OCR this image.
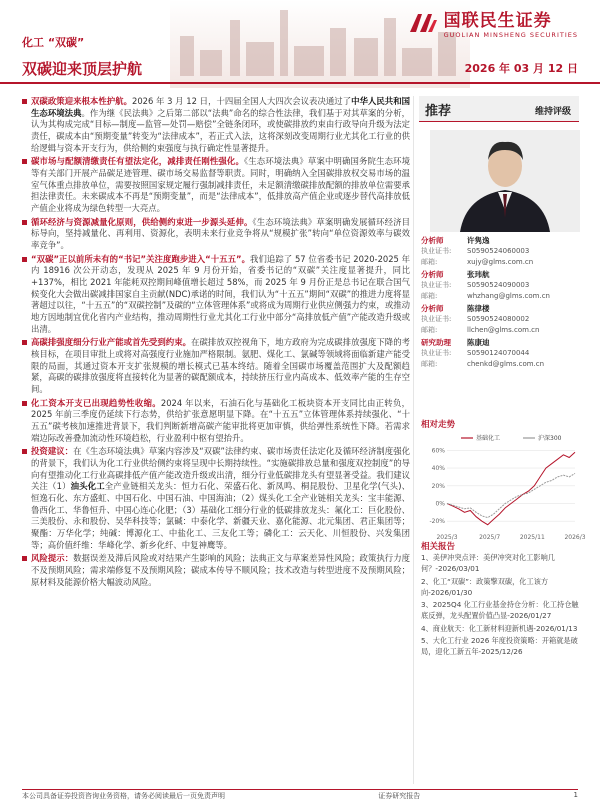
国联民生证券
GUOLIAN MINSHENG SECURITIES
化工 “双碳”
双碳迎来顶层护航	2026 年 03 月 12 日
双碳政策迎来根本性护航。2026 年 3 月 12 日，十四届全国人大四次会议表决通过了中华人民共和国生态环境法典。作为继《民法典》之后第二部以“法典”命名的综合性法律，我们基于对其草案的分析，认为其构成完成“目标—制度—监管—处罚—赔偿”全链条闭环，或使碳排放约束由行政导向升级为法定责任，碳成本由“预期变量”转变为“法律成本”，若正式入法，这将深刻改变周期行业尤其化工行业的供给逻辑与资本开支行为，供给侧约束强度与执行确定性显著提升。
碳市场与配额清缴责任有望法定化，减排责任刚性强化。《生态环境法典》草案中明确国务院生态环境等有关部门开展产品碳足迹管理、碳市场交易监督等职责。同时，明确纳入全国碳排放权交易市场的温室气体重点排放单位，需要按照国家规定履行强制减排责任，未足额清缴碳排放配额的排放单位需要承担法律责任。未来碳成本不再是“预期变量”，而是“法律成本”，低排放高产值企业或逐步替代高排放低产值企业将成为绿色转型一大亮点。
循环经济与资源减量化原则，供给侧约束进一步源头延伸。《生态环境法典》草案明确发展循环经济目标导向，坚持减量化、再利用、资源化，表明未来行业竞争将从“规模扩张”转向“单位资源效率与碳效率竞争”。
“双碳”正以前所未有的“书记”关注度跑步进入“十五五”。我们追踪了 57 位省委书记 2020-2025 年内 18916 次公开动态，发现从 2025 年 9 月份开始，省委书记的“双碳”关注度显著提升，同比+137%，相比 2021 年能耗双控期间峰值增长超过 58%，而 2025 年 9 月份正是总书记在联合国气候变化大会做出碳减排国家自主贡献(NDC)承诺的时间，我们认为“十五五”期间“双碳”的推进力度将显著超过以往，“十五五”的“双碳控制”及碳的“立体管理体系”或将成为周期行业供应侧强力约束，或推动地方因地制宜优化省内产业结构，推动周期性行业尤其化工行业中部分“高排放低产值”产能改造升级或出清。
高碳排强度细分行业产能或首先受到约束。在碳排放双控视角下，地方政府为完成碳排放强度下降的考核目标，在项目审批上或将对高强度行业施加严格限制。氨肥、煤化工、氯碱等领域将面临新建产能受限的局面，其通过资本开支扩张规模的增长模式已基本终结。随着全国碳市场覆盖范围扩大及配额趋紧，高碳的碳排放强度将直接转化为显著的碳配额成本，持续挤压行业内高成本、低效率产能的生存空间。
化工资本开支已出现趋势性收缩。2024 年以来，石油石化与基础化工板块资本开支同比由正转负，2025 年前三季度仍延续下行态势，供给扩张意愿明显下降。在“十五五”立体管理体系持续强化、“十五五”碳考核加速推进背景下，我们判断新增高碳产能审批将更加审慎，供给弹性系统性下降。若需求端边际改善叠加流动性环境趋松，行业盈利中枢有望抬升。
投资建议：在《生态环境法典》草案内容涉及“双碳”法律约束、碳市场责任法定化及循环经济制度强化的背景下，我们认为化工行业供给侧约束将呈现中长期持续性。“实施碳排放总量和强度双控制度”的导向有望推动化工行业高碳排低产值产能改造升级或出清，细分行业低碳排龙头有望显著受益。我们建议关注（1）油头化工全产业链相关龙头：恒力石化、荣盛石化、新凤鸣、桐昆股份、卫星化学(气头)、恒逸石化、东方盛虹、中国石化、中国石油、中国海油；（2）煤头化工全产业链相关龙头：宝丰能源、鲁西化工、华鲁恒升、中国心连心化肥；（3）基础化工细分行业的低碳排放龙头：氟化工：巨化股份、三美股份、永和股份、吴华科技等；氯碱：中泰化学、新疆天业、嘉化能源、北元集团、君正集团等；聚酯：万华化学；纯碱：博源化工、中盐化工、三友化工等；磷化工：云天化、川恒股份、兴发集团等；高价值纤维：华峰化学、新乡化纤、中复神鹰等。
风险提示：数据误差及滞后风险或对结果产生影响的风险；法典正文与草案差异性风险；政策执行力度不及预期风险；需求端修复不及预期风险；碳成本传导不顺风险；技术改造与转型进度不及预期风险；原材料及能源价格大幅波动风险。
推荐	维持评级
分析师	许隽逸
执业证书:	S0590524060003
邮箱:	xujy@glms.com.cn
分析师	张玮航
执业证书:	S0590524090003
邮箱:	whzhang@glms.com.cn
分析师	陈律楼
执业证书:	S0590524080002
邮箱:	llchen@glms.com.cn
研究助理	陈康迪
执业证书:	S0590124070044
邮箱:	chenkd@glms.com.cn
相对走势
60%
40%
20%
0%
-20%
2025/3	2025/7	2025/11	2026/3
基础化工	沪深300
相关报告
1、美伊冲突点评：美伊冲突对化工影响几何？-2026/03/01
2、化工“双碳”：政策擎双碳，化工该方向-2026/01/30
3、2025Q4 化工行业基金持仓分析：化工持仓触底反弹，龙头配置价值凸显-2026/01/27
4、商业航天：化工新材料迎新机遇-2026/01/13
5、大化工行业 2026 年度投资策略：开箱就是破局，迎化工新五年-2025/12/26
本公司具备证券投资咨询业务资格，请务必阅读最后一页免责声明	证券研究报告	1
